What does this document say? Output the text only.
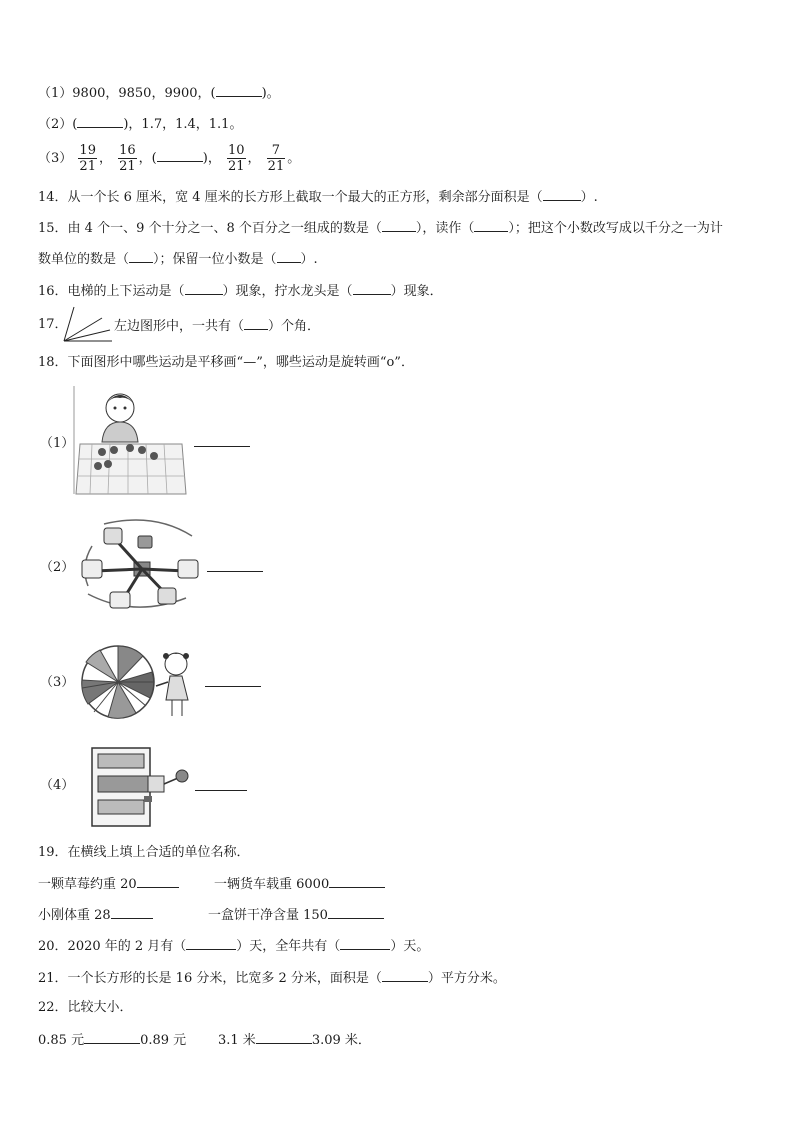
（1）9800，9850，9900，(	)。
（2）(	)，1.7，1.4，1.1。
$(3) \frac{19}{21}$ ， $\frac{16}{21}$ ，(	)， $\frac{10}{21}$ ， $\frac{7}{21}$ 。
14．从一个长 6 厘米，宽 4 厘米的长方形上截取一个最大的正方形，剩余部分面积是（	）.
15．由 4 个一、9 个十分之一、8 个百分之一组成的数是（	），读作（	）；把这个小数改写成以千分之一为计
数单位的数是（ ）；保留一位小数是（ ）.
16．电梯的上下运动是（	）现象，拧水龙头是（	）现象．
17．	左边图形中，一共有（ ）个角．
18．下面图形中哪些运动是平移画“—”，哪些运动是旋转画“o”．
（1）
（2）
（3）
（4）
19．在横线上填上合适的单位名称．
一颗草莓约重 20	一辆货车载重 6000
小刚体重 28	一盒饼干净含量 150
20．2020 年的 2 月有（	）天，全年共有（	）天。
21．一个长方形的长是 16 分米，比宽多 2 分米，面积是（	）平方分米。
22．比较大小．
0.85 元	0.89 元 3.1 米	3.09 米．
